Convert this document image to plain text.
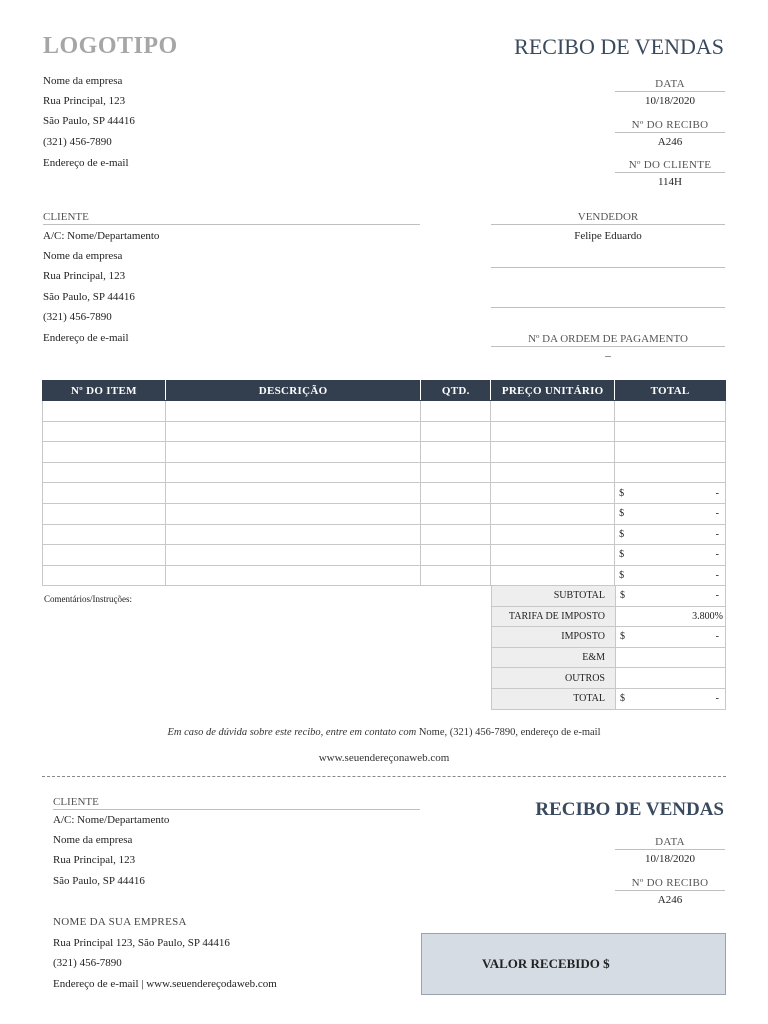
LOGOTIPO	RECIBO DE VENDAS
Nome da empresa
Rua Principal, 123
São Paulo, SP 44416
(321) 456-7890
Endereço de e-mail
DATA
10/18/2020
Nº DO RECIBO
A246
Nº DO CLIENTE
114H
CLIENTE
A/C: Nome/Departamento
Nome da empresa
Rua Principal, 123
São Paulo, SP 44416
(321) 456-7890
Endereço de e-mail
VENDEDOR
Felipe Eduardo
Nº DA ORDEM DE PAGAMENTO
–
Nº DO ITEM	DESCRIÇÃO	QTD.	PREÇO UNITÁRIO	TOTAL

				$ -

				$ -

				$ -

				$ -

				$ -
Comentários/Instruções:	SUBTOTAL	$ -

TARIFA DE IMPOSTO	3.800%

IMPOSTO	$ -

E&M	
OUTROS	
TOTAL	$ -
Em caso de dúvida sobre este recibo, entre em contato com Nome, (321) 456-7890, endereço de e-mail
www.seuendereçonaweb.com
CLIENTE
A/C: Nome/Departamento
Nome da empresa
Rua Principal, 123
São Paulo, SP 44416
NOME DA SUA EMPRESA
Rua Principal 123, São Paulo, SP 44416
(321) 456-7890
Endereço de e-mail | www.seuendereçodaweb.com
RECIBO DE VENDAS
DATA
10/18/2020
Nº DO RECIBO
A246
VALOR RECEBIDO $
